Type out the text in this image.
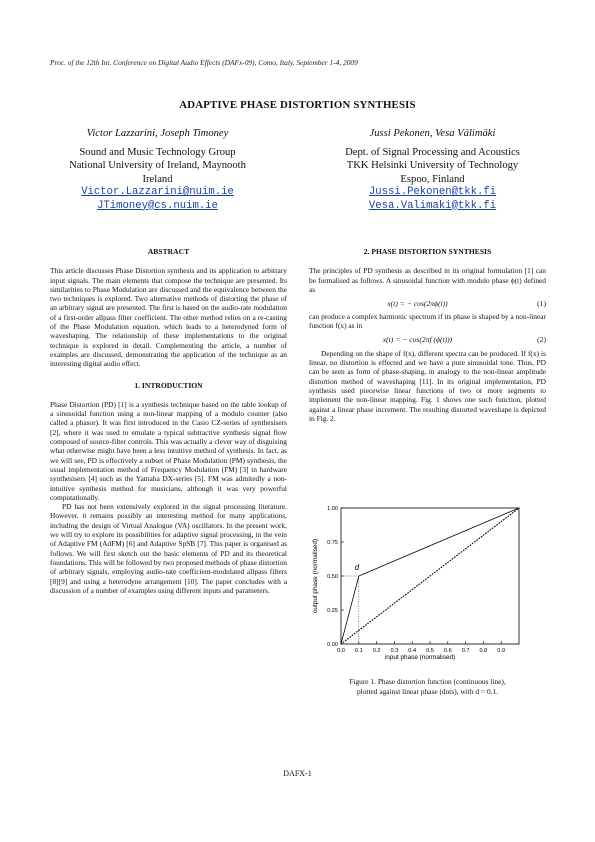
Proc. of the 12th Int. Conference on Digital Audio Effects (DAFx-09), Como, Italy, September 1-4, 2009
ADAPTIVE PHASE DISTORTION SYNTHESIS
Victor Lazzarini, Joseph Timoney
Sound and Music Technology Group
National University of Ireland, Maynooth
Ireland
Victor.Lazzarini@nuim.ie
JTimoney@cs.nuim.ie
Jussi Pekonen, Vesa Välimäki
Dept. of Signal Processing and Acoustics
TKK Helsinki University of Technology
Espoo, Finland
Jussi.Pekonen@tkk.fi
Vesa.Valimaki@tkk.fi
ABSTRACT

This article discusses Phase Distortion synthesis and its application to arbitrary input signals. The main elements that compose the technique are presented. Its similarities to Phase Modulation are discussed and the equivalence between the two techniques is explored. Two alternative methods of distorting the phase of an arbitrary signal are presented. The first is based on the audio-rate modulation of a first-order allpass filter coefficient. The other method relies on a re-casting of the Phase Modulation equation, which leads to a heterodyned form of waveshaping. The relationship of these implementations to the original technique is explored in detail. Complementing the article, a number of examples are discussed, demonstrating the application of the technique as an interesting digital audio effect.

1. INTRODUCTION

Phase Distortion (PD) [1] is a synthesis technique based on the table lookup of a sinusoidal function using a non-linear mapping of a modulo counter (also called a phasor). It was first introduced in the Casio CZ-series of synthesisers [2], where it was used to emulate a typical subtractive synthesis signal flow composed of source-filter controls. This was actually a clever way of disguising what otherwise might have been a less intuitive method of synthesis. In fact, as we will see, PD is effectively a subset of Phase Modulation (PM) synthesis, the usual implementation method of Frequency Modulation (FM) [3] in hardware synthesisers [4] such as the Yamaha DX-series [5]. FM was admitedly a non-intuitive synthesis method for musicians, although it was very powerful computationally.

PD has not been extensively explored in the signal processing literature. However, it remains possibly an interesting method for many applications, including the design of Virtual Analogue (VA) oscillators. In the present work, we will try to explore its possibilities for adaptive signal processing, in the vein of Adaptive FM (AdFM) [6] and Adaptive SpSB [7]. This paper is organised as follows. We will first sketch out the basic elements of PD and its theoretical foundations. This will be followed by two proposed methods of phase distortion of arbitrary signals, employing audio-rate coefficient-modulated allpass filters [8][9] and using a heterodyne arrangement [10]. The paper concludes with a discussion of a number of examples using different inputs and parameters.

2. PHASE DISTORTION SYNTHESIS

The principles of PD synthesis as described in its original formulation [1] can be formalised as follows. A sinusoidal function with modulo phase ϕ(t) defined as

x(t) = − cos(2πϕ(t))	(1)

can produce a complex harmonic spectrum if its phase is shaped by a non-linear function f(x) as in

x(t) = − cos(2πf (ϕ(t)))	(2)

Depending on the shape of f(x), different spectra can be produced. If f(x) is linear, no distortion is effected and we have a pure sinusoidal tone. Thus, PD can be seen as form of phase-shaping, in analogy to the non-linear amplitude distortion method of waveshaping [11]. In its original implementation, PD synthesis used piecewise linear functions of two or more segments to implement the non-linear mapping. Fig. 1 shows one such function, plotted against a linear phase increment. The resulting distorted waveshape is depicted in Fig. 2.

0.0 0.1 0.2 0.3 0.4 0.5 0.6 0.7 0.8 0.9
0.00
0.25
0.50
0.75
1.00
input phase (normalised)
output phase (normalised)	d
Figure 1. Phase distortion function (continuous line),
plotted against linear phase (dots), with d = 0.1.
DAFX-1
